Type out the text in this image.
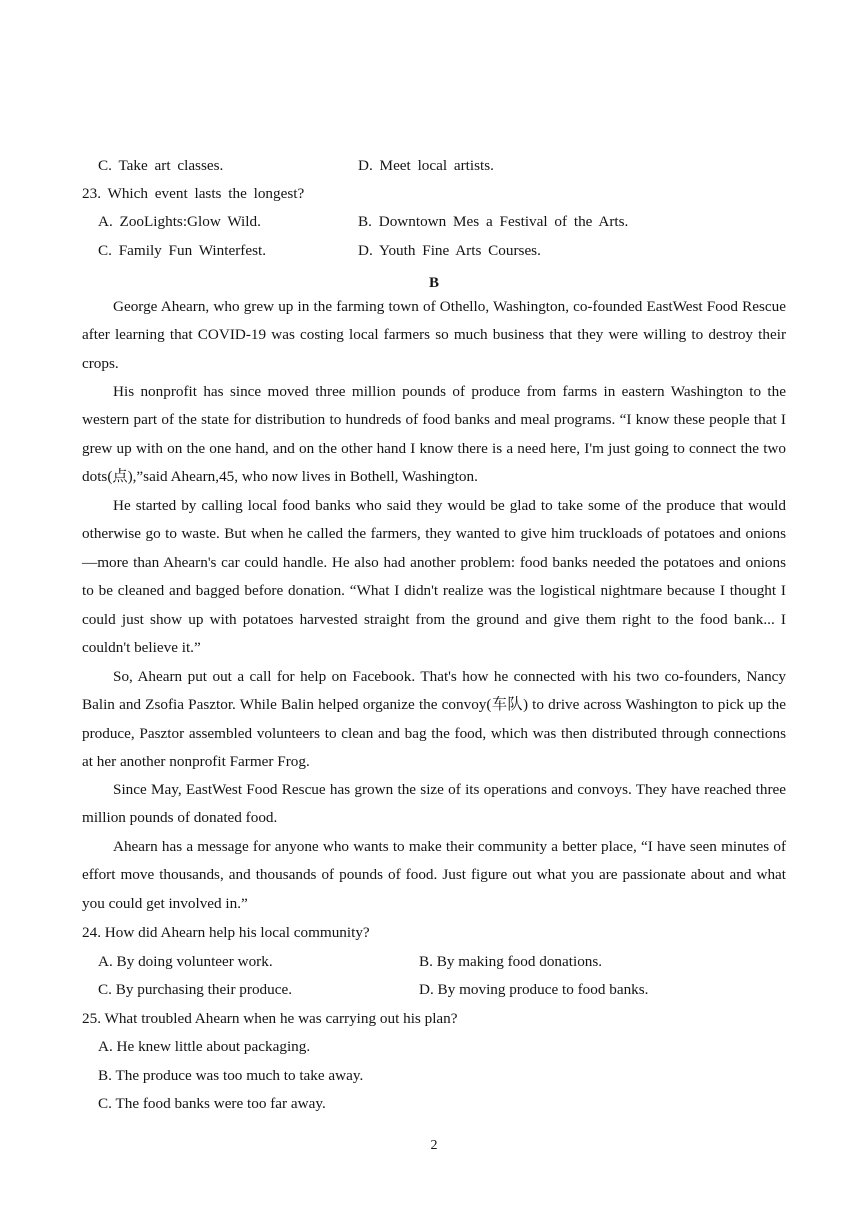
C. Take art classes.	D. Meet local artists.
23. Which event lasts the longest?
A. ZooLights:Glow Wild.	B. Downtown Mes a Festival of the Arts.
C. Family Fun Winterfest.	D. Youth Fine Arts Courses.
B
George Ahearn, who grew up in the farming town of Othello, Washington, co-founded EastWest Food Rescue after learning that COVID-19 was costing local farmers so much business that they were willing to destroy their crops.
His nonprofit has since moved three million pounds of produce from farms in eastern Washington to the western part of the state for distribution to hundreds of food banks and meal programs. “I know these people that I grew up with on the one hand, and on the other hand I know there is a need here, I'm just going to connect the two dots(点),”said Ahearn,45, who now lives in Bothell, Washington.
He started by calling local food banks who said they would be glad to take some of the produce that would otherwise go to waste. But when he called the farmers, they wanted to give him truckloads of potatoes and onions—more than Ahearn's car could handle. He also had another problem: food banks needed the potatoes and onions to be cleaned and bagged before donation. “What I didn't realize was the logistical nightmare because I thought I could just show up with potatoes harvested straight from the ground and give them right to the food bank... I couldn't believe it.”
So, Ahearn put out a call for help on Facebook. That's how he connected with his two co-founders, Nancy Balin and Zsofia Pasztor. While Balin helped organize the convoy(车队) to drive across Washington to pick up the produce, Pasztor assembled volunteers to clean and bag the food, which was then distributed through connections at her another nonprofit Farmer Frog.
Since May, EastWest Food Rescue has grown the size of its operations and convoys. They have reached three million pounds of donated food.
Ahearn has a message for anyone who wants to make their community a better place, “I have seen minutes of effort move thousands, and thousands of pounds of food. Just figure out what you are passionate about and what you could get involved in.”
24. How did Ahearn help his local community?
A. By doing volunteer work.	B. By making food donations.
C. By purchasing their produce.	D. By moving produce to food banks.
25. What troubled Ahearn when he was carrying out his plan?
A. He knew little about packaging.
B. The produce was too much to take away.
C. The food banks were too far away.
2
